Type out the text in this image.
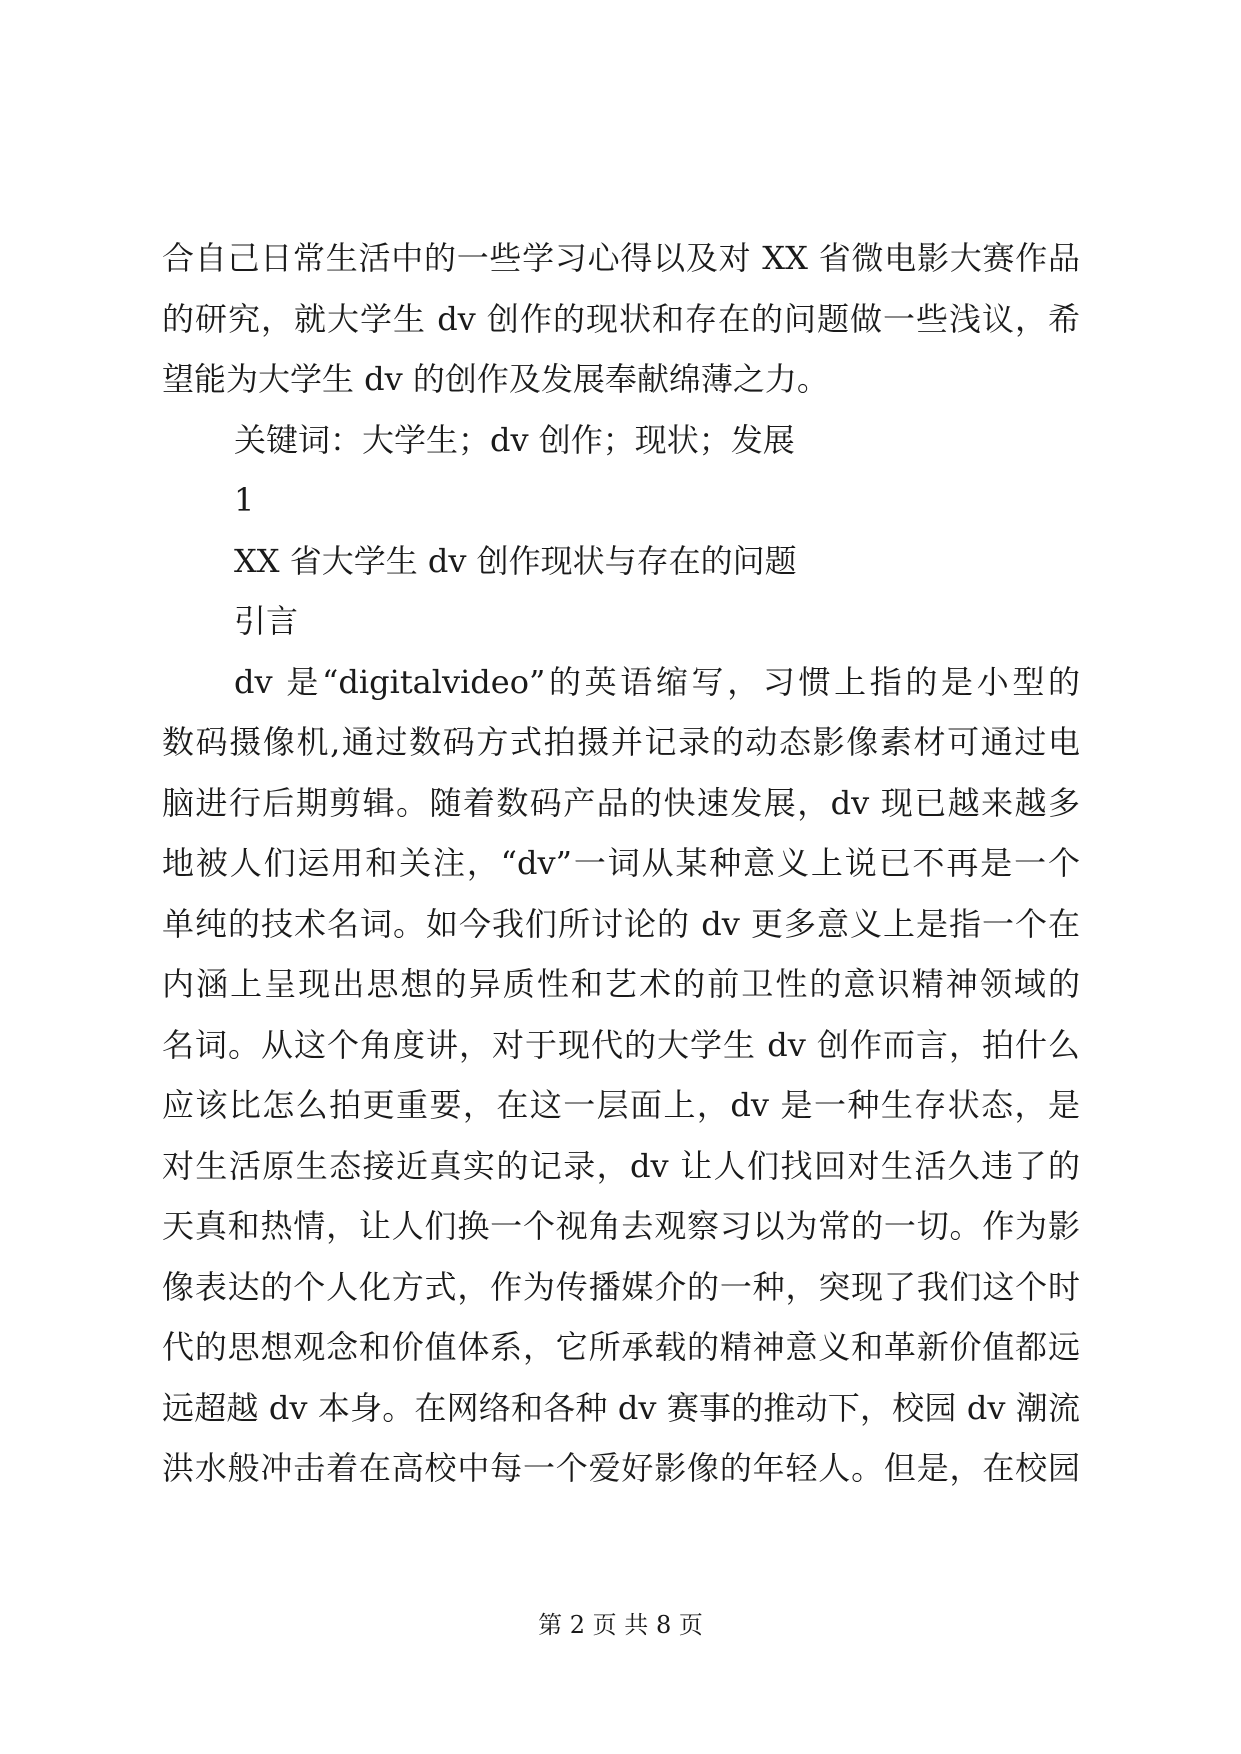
合自己日常生活中的一些学习心得以及对 XX 省微电影大赛作品

的研究，就大学生 dv 创作的现状和存在的问题做一些浅议，希

望能为大学生 dv 的创作及发展奉献绵薄之力。

关键词：大学生；dv 创作；现状；发展

1

XX 省大学生 dv 创作现状与存在的问题

引言

dv 是“digitalvideo”的英语缩写，习惯上指的是小型的

数码摄像机,通过数码方式拍摄并记录的动态影像素材可通过电

脑进行后期剪辑。随着数码产品的快速发展，dv 现已越来越多

地被人们运用和关注，“dv”一词从某种意义上说已不再是一个

单纯的技术名词。如今我们所讨论的 dv 更多意义上是指一个在

内涵上呈现出思想的异质性和艺术的前卫性的意识精神领域的

名词。从这个角度讲，对于现代的大学生 dv 创作而言，拍什么

应该比怎么拍更重要，在这一层面上，dv 是一种生存状态，是

对生活原生态接近真实的记录，dv 让人们找回对生活久违了的

天真和热情，让人们换一个视角去观察习以为常的一切。作为影

像表达的个人化方式，作为传播媒介的一种，突现了我们这个时

代的思想观念和价值体系，它所承载的精神意义和革新价值都远

远超越 dv 本身。在网络和各种 dv 赛事的推动下，校园 dv 潮流

洪水般冲击着在高校中每一个爱好影像的年轻人。但是，在校园

第 2 页 共 8 页
